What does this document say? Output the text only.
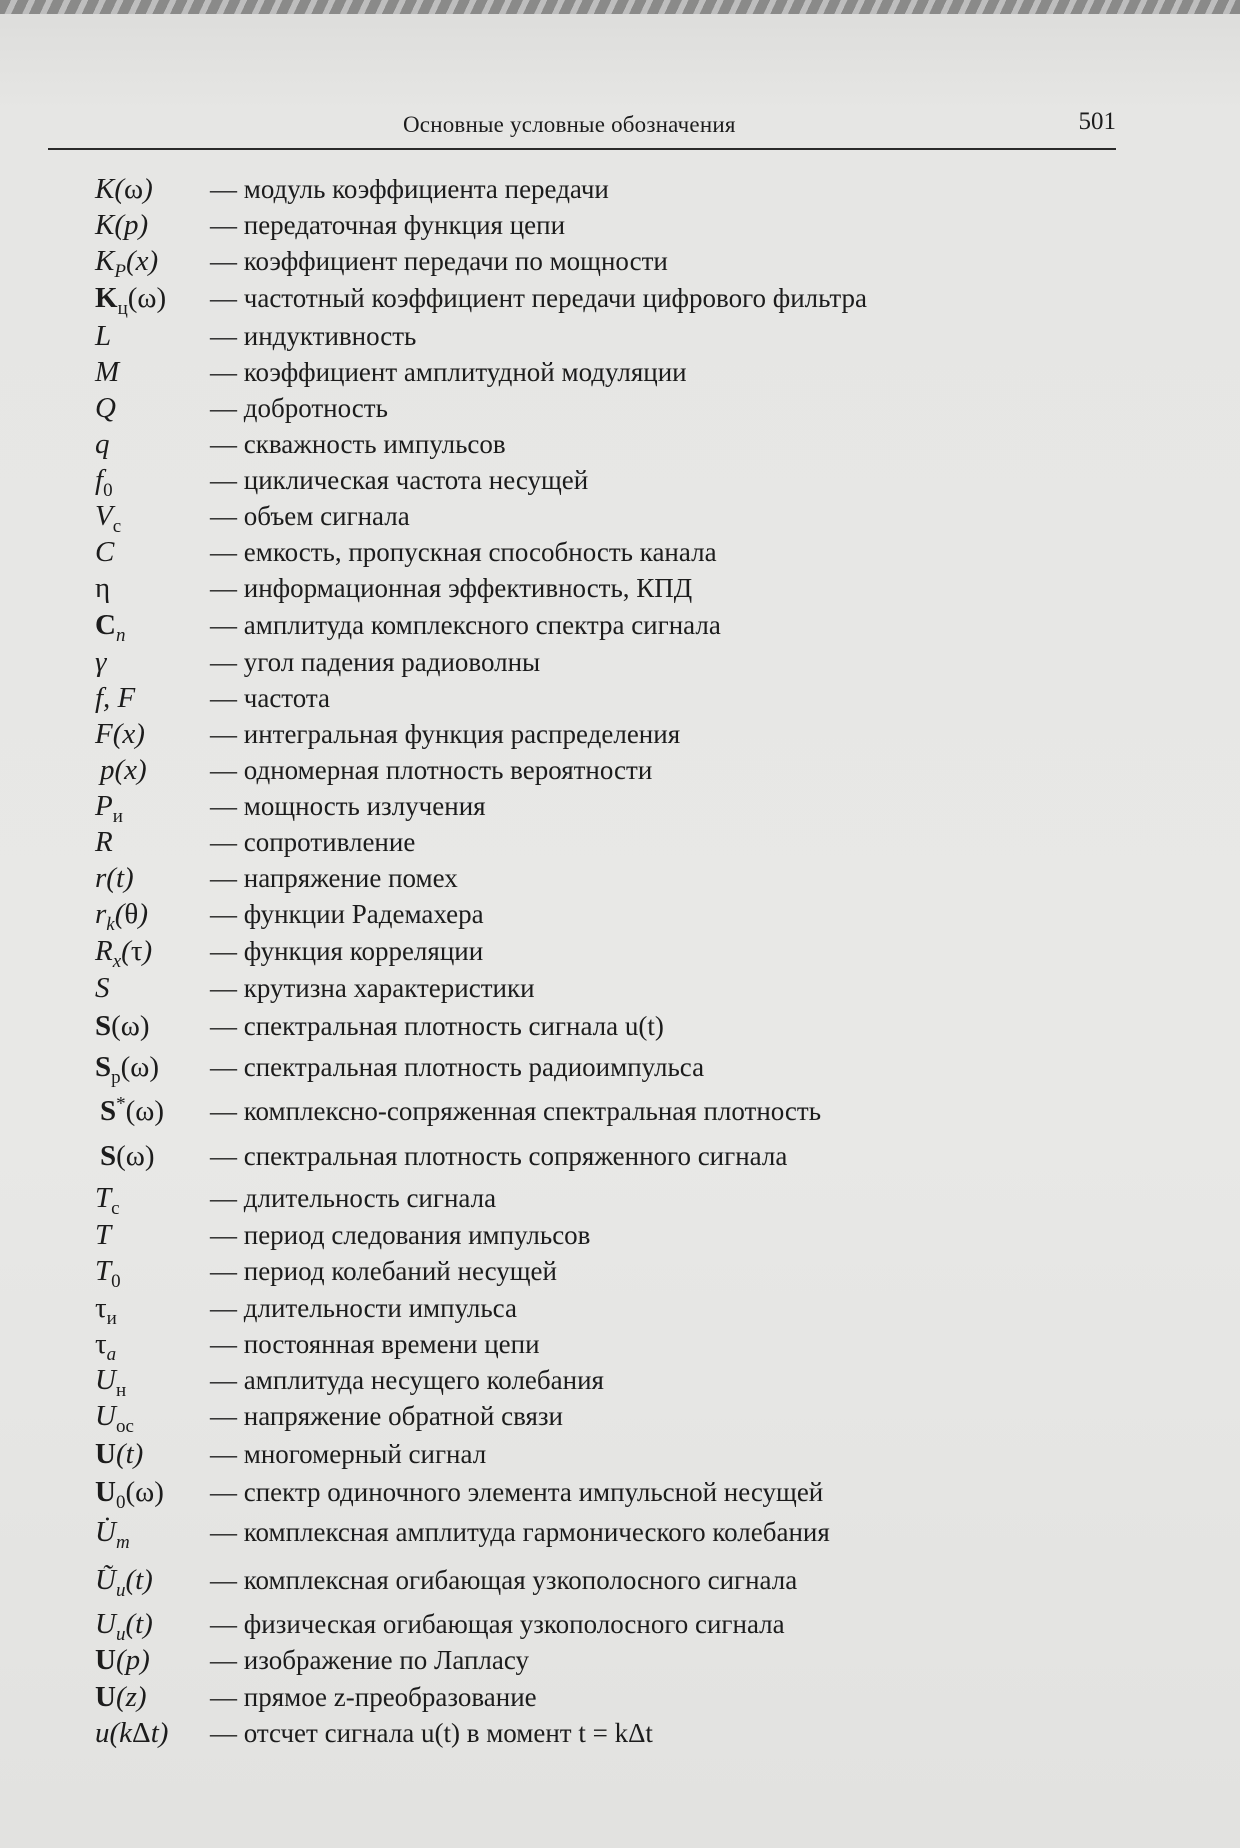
Основные условные обозначения	501
K(ω) — модуль коэффициента передачи
K(p) — передаточная функция цепи
$K_P(x)$ — коэффициент передачи по мощности
$K_ц(\omega)$ — частотный коэффициент передачи цифрового фильтра
L	— индуктивность
M	— коэффициент амплитудной модуляции
Q	— добротность
q	— скважность импульсов
$f_0$	— циклическая частота несущей
$V_c$	— объем сигнала
C	— емкость, пропускная способность канала
η	— информационная эффективность, КПД
$C_n$	— амплитуда комплексного спектра сигнала
γ	— угол падения радиоволны
f, F	— частота
F(x) — интегральная функция распределения
p(x) — одномерная плотность вероятности
$P_и$	— мощность излучения
R	— сопротивление
r(t)	— напряжение помех
$r_k(\theta)$ — функции Радемахера
$R_x(\tau)$ — функция корреляции
S	— крутизна характеристики
S(ω) — спектральная плотность сигнала u(t)
$S_р(\omega)$ — спектральная плотность радиоимпульса
S*(ω) — комплексно-сопряженная спектральная плотность
S(ω) — спектральная плотность сопряженного сигнала
$T_c$	— длительность сигнала
T	— период следования импульсов
$T_0$	— период колебаний несущей
$\tau_и$	— длительности импульса
$\tau_a$	— постоянная времени цепи
$U_н$	— амплитуда несущего колебания
$U_{oc}$	— напряжение обратной связи
U(t) — многомерный сигнал
$U_0(\omega)$ — спектр одиночного элемента импульсной несущей
$U̇_m$	— комплексная амплитуда гармонического колебания
$Ũ_u(t)$ — комплексная огибающая узкополосного сигнала
$U_u(t)$ — физическая огибающая узкополосного сигнала
U(p) — изображение по Лапласу
U(z) — прямое z-преобразование
u(kΔt) — отсчет сигнала u(t) в момент t = kΔt
